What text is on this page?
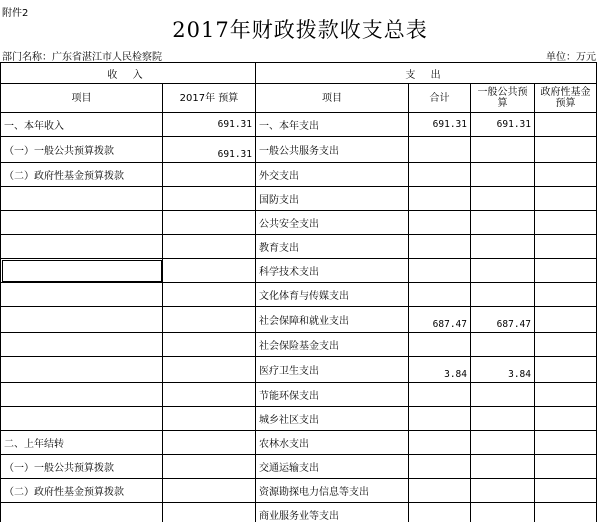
附件2
2017年财政拨款收支总表
部门名称：广东省湛江市人民检察院	单位：万元
收 入		支 出			
项目	2017年 预算	项目	合计	一般公共预 算	政府性基金 预算
一、本年收入	691.31	一、本年支出	691.31	691.31	
（一）一般公共预算拨款	691.31	一般公共服务支出			
（二）政府性基金预算拨款		外交支出			
		国防支出			
		公共安全支出			
		教育支出			
		科学技术支出			
		文化体育与传媒支出			
		社会保障和就业支出	687.47	687.47	
		社会保险基金支出			
		医疗卫生支出	3.84	3.84	
		节能环保支出			
		城乡社区支出			
二、上年结转		农林水支出			
（一）一般公共预算拨款		交通运输支出			
（二）政府性基金预算拨款		资源勘探电力信息等支出			
		商业服务业等支出			
